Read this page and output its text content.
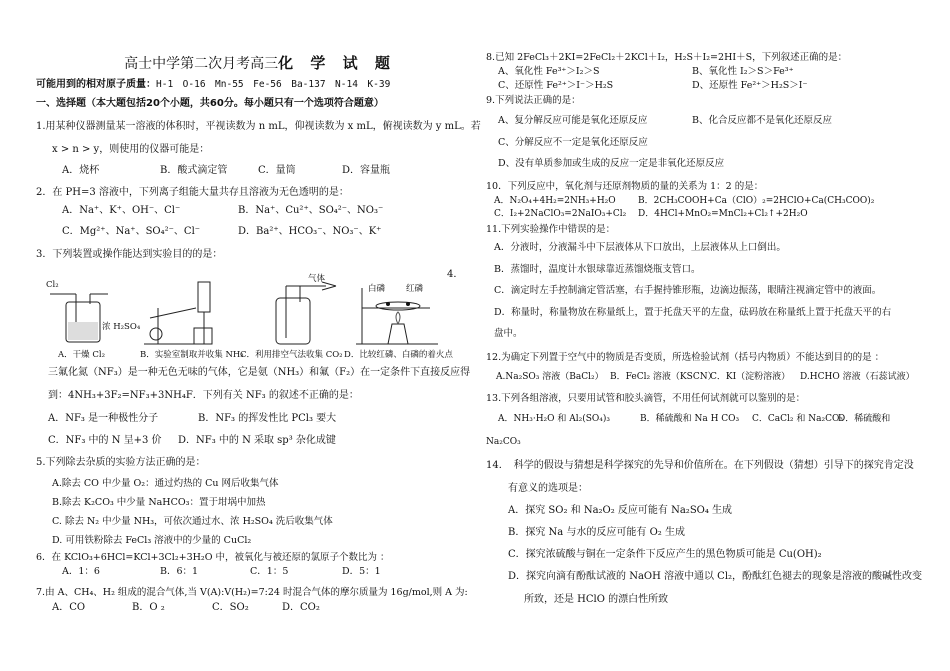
高士中学第二次月考高三化 学 试 题
可能用到的相对原子质量：H-1　O-16　Mn-55　Fe-56　Ba-137　N-14　K-39
一、选择题（本大题包括20个小题，共60分。每小题只有一个选项符合题意）
1.用某种仪器测量某一溶液的体积时，平视读数为 n mL，仰视读数为 x mL，俯视读数为 y mL。若
x > n > y，则使用的仪器可能是：
A．烧杯	B．酸式滴定管	C．量筒	D．容量瓶
2．在 PH=3 溶液中，下列离子组能大量共存且溶液为无色透明的是：
A．Na⁺、K⁺、OH⁻、Cl⁻	B．Na⁺、Cu²⁺、SO₄²⁻、NO₃⁻
C．Mg²⁺、Na⁺、SO₄²⁻、Cl⁻	D．Ba²⁺、HCO₃⁻、NO₃⁻、K⁺
3．下列装置或操作能达到实验目的的是：
4．
Cl₂
浓 H₂SO₄
气体
白磷 红磷
A．干燥 Cl₂	B．实验室制取并收集 NH₃
C．利用排空气法收集 CO₂ D．比较红磷、白磷的着火点
三氟化氮（NF₃）是一种无色无味的气体，它是氨（NH₃）和氟（F₂）在一定条件下直接反应得
到：4NH₃+3F₂=NF₃+3NH₄F．下列有关 NF₃ 的叙述不正确的是：
A．NF₃ 是一种极性分子	B．NF₃ 的挥发性比 PCl₃ 要大
C．NF₃ 中的 N 呈+3 价 D．NF₃ 中的 N 采取 sp³ 杂化成键
5.下列除去杂质的实验方法正确的是：
A.除去 CO 中少量 O₂：通过灼热的 Cu 网后收集气体
B.除去 K₂CO₃ 中少量 NaHCO₃：置于坩埚中加热
C. 除去 N₂ 中少量 NH₃，可依次通过水、浓 H₂SO₄ 洗后收集气体
D. 可用铁粉除去 FeCl₃ 溶液中的少量的 CuCl₂
6．在 KClO₃+6HCl=KCl+3Cl₂+3H₂O 中，被氧化与被还原的氯原子个数比为 ：
A．1：6	B．6：1	C．1：5	D．5：1
7.由 A、CH₄、H₂ 组成的混合气体,当 V(A):V(H₂)=7:24 时混合气体的摩尔质量为 16g/mol,则 A 为:
A．CO	B．O ₂	C．SO₂	D．CO₂
8.已知 2FeCl₃＋2KI=2FeCl₂＋2KCl＋I₂，H₂S＋I₂=2HI＋S，下列叙述正确的是：
A、氧化性 Fe³⁺＞I₂＞S	B、氧化性 I₂＞S＞Fe³⁺
C、还原性 Fe²⁺＞I⁻＞H₂S	D、还原性 Fe²⁺＞H₂S＞I⁻
9.下列说法正确的是：
A、复分解反应可能是氧化还原反应	B、化合反应都不是氧化还原反应
C、分解反应不一定是氧化还原反应
D、没有单质参加或生成的反应一定是非氧化还原反应
10．下列反应中，氧化剂与还原剂物质的量的关系为 1：2 的是：
A．N₂O₄+4H₂=2NH₃+H₂O B．2CH₃COOH+Ca（ClO）₂=2HClO+Ca(CH₃COO)₂
C．I₂+2NaClO₃=2NaIO₃+Cl₂ D．4HCl+MnO₂=MnCl₂+Cl₂↑+2H₂O
11.下列实验操作中错误的是：
A．分液时，分液漏斗中下层液体从下口放出，上层液体从上口倒出。
B．蒸馏时，温度计水银球靠近蒸馏烧瓶支管口。
C．滴定时左手控制滴定管活塞，右手握持锥形瓶，边滴边振荡，眼睛注视滴定管中的液面。
D．称量时，称量物放在称量纸上，置于托盘天平的左盘，砝码放在称量纸上置于托盘天平的右
盘中。
12.为确定下列置于空气中的物质是否变质，所选检验试剂（括号内物质）不能达到目的的是 ：
A.Na₂SO₃ 溶液（BaCl₂） B．FeCl₂ 溶液（KSCN）
C．KI（淀粉溶液） D.HCHO 溶液（石蕊试液）
13.下列各组溶液，只要用试管和胶头滴管，不用任何试剂就可以鉴别的是：
A．NH₃·H₂O 和 Al₂(SO₄)₃	B．稀硫酸和 Na H CO₃ C．CaCl₂ 和 Na₂CO₃
D．稀硫酸和
Na₂CO₃
14．　科学的假设与猜想是科学探究的先导和价值所在。在下列假设（猜想）引导下的探究肯定没
有意义的选项是：
A．探究 SO₂ 和 Na₂O₂ 反应可能有 Na₂SO₄ 生成
B．探究 Na 与水的反应可能有 O₂ 生成
C．探究浓硫酸与铜在一定条件下反应产生的黑色物质可能是 Cu(OH)₂
D．探究向滴有酚酞试液的 NaOH 溶液中通以 Cl₂，酚酞红色褪去的现象是溶液的酸碱性改变
所致，还是 HClO 的漂白性所致
